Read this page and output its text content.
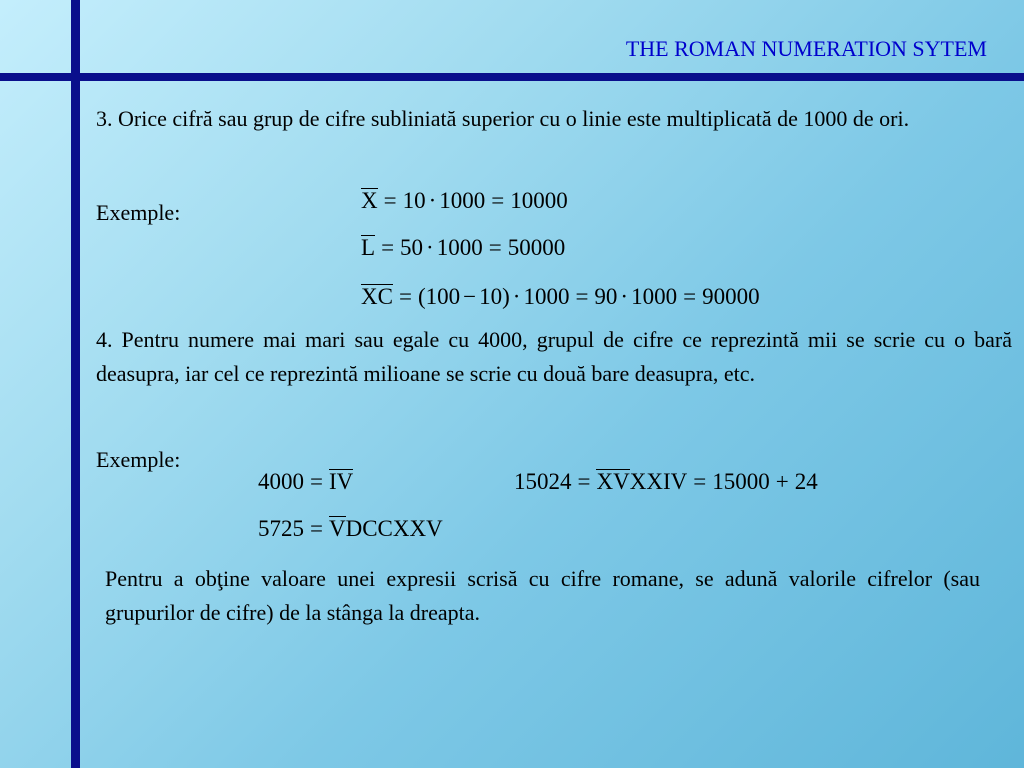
THE ROMAN NUMERATION SYTEM
3. Orice cifră sau grup de cifre subliniată superior cu o linie este multiplicată de 1000 de ori.
Exemple:	X = 10 · 1000 = 10000
L = 50 · 1000 = 50000
XC = (100 − 10) · 1000 = 90 · 1000 = 90000
4. Pentru numere mai mari sau egale cu 4000, grupul de cifre ce reprezintă mii se scrie cu o bară deasupra, iar cel ce reprezintă milioane se scrie cu două bare deasupra, etc.
Exemple:
4000 = IV	15024 = XVXXIV = 15000 + 24
5725 = VDCCXXV
Pentru a obţine valoare unei expresii scrisă cu cifre romane, se adună valorile cifrelor (sau grupurilor de cifre) de la stânga la dreapta.
